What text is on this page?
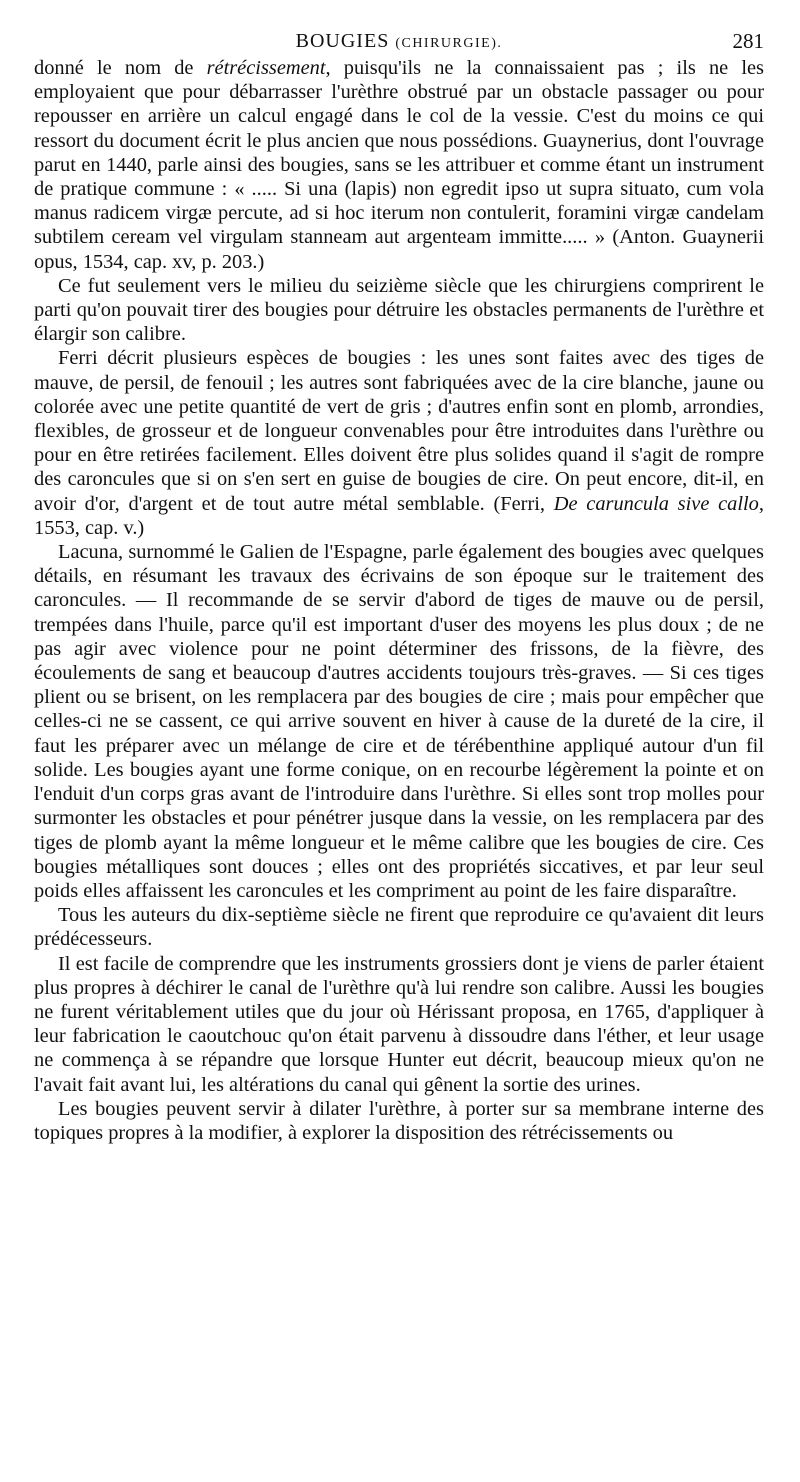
BOUGIES (CHIRURGIE).	281

donné le nom de rétrécissement, puisqu'ils ne la connaissaient pas ; ils ne les employaient que pour débarrasser l'urèthre obstrué par un obstacle passager ou pour repousser en arrière un calcul engagé dans le col de la vessie. C'est du moins ce qui ressort du document écrit le plus ancien que nous possédions. Guaynerius, dont l'ouvrage parut en 1440, parle ainsi des bougies, sans se les attribuer et comme étant un instrument de pratique commune : « ..... Si una (lapis) non egredit ipso ut supra situato, cum vola manus radicem virgæ percute, ad si hoc iterum non contulerit, foramini virgæ candelam subtilem ceream vel virgulam stanneam aut argenteam immitte..... » (Anton. Guaynerii opus, 1534, cap. xv, p. 203.)

Ce fut seulement vers le milieu du seizième siècle que les chirurgiens comprirent le parti qu'on pouvait tirer des bougies pour détruire les obstacles permanents de l'urèthre et élargir son calibre.

Ferri décrit plusieurs espèces de bougies : les unes sont faites avec des tiges de mauve, de persil, de fenouil ; les autres sont fabriquées avec de la cire blanche, jaune ou colorée avec une petite quantité de vert de gris ; d'autres enfin sont en plomb, arrondies, flexibles, de grosseur et de longueur convenables pour être introduites dans l'urèthre ou pour en être retirées facilement. Elles doivent être plus solides quand il s'agit de rompre des caroncules que si on s'en sert en guise de bougies de cire. On peut encore, dit-il, en avoir d'or, d'argent et de tout autre métal semblable. (Ferri, De caruncula sive callo, 1553, cap. v.)

Lacuna, surnommé le Galien de l'Espagne, parle également des bougies avec quelques détails, en résumant les travaux des écrivains de son époque sur le traitement des caroncules. — Il recommande de se servir d'abord de tiges de mauve ou de persil, trempées dans l'huile, parce qu'il est important d'user des moyens les plus doux ; de ne pas agir avec violence pour ne point déterminer des frissons, de la fièvre, des écoulements de sang et beaucoup d'autres accidents toujours très-graves. — Si ces tiges plient ou se brisent, on les remplacera par des bougies de cire ; mais pour empêcher que celles-ci ne se cassent, ce qui arrive souvent en hiver à cause de la dureté de la cire, il faut les préparer avec un mélange de cire et de térébenthine appliqué autour d'un fil solide. Les bougies ayant une forme conique, on en recourbe légèrement la pointe et on l'enduit d'un corps gras avant de l'introduire dans l'urèthre. Si elles sont trop molles pour surmonter les obstacles et pour pénétrer jusque dans la vessie, on les remplacera par des tiges de plomb ayant la même longueur et le même calibre que les bougies de cire. Ces bougies métalliques sont douces ; elles ont des propriétés siccatives, et par leur seul poids elles affaissent les caroncules et les compriment au point de les faire disparaître.

Tous les auteurs du dix-septième siècle ne firent que reproduire ce qu'avaient dit leurs prédécesseurs.

Il est facile de comprendre que les instruments grossiers dont je viens de parler étaient plus propres à déchirer le canal de l'urèthre qu'à lui rendre son calibre. Aussi les bougies ne furent véritablement utiles que du jour où Hérissant proposa, en 1765, d'appliquer à leur fabrication le caoutchouc qu'on était parvenu à dissoudre dans l'éther, et leur usage ne commença à se répandre que lorsque Hunter eut décrit, beaucoup mieux qu'on ne l'avait fait avant lui, les altérations du canal qui gênent la sortie des urines.

Les bougies peuvent servir à dilater l'urèthre, à porter sur sa membrane interne des topiques propres à la modifier, à explorer la disposition des rétrécissements ou
